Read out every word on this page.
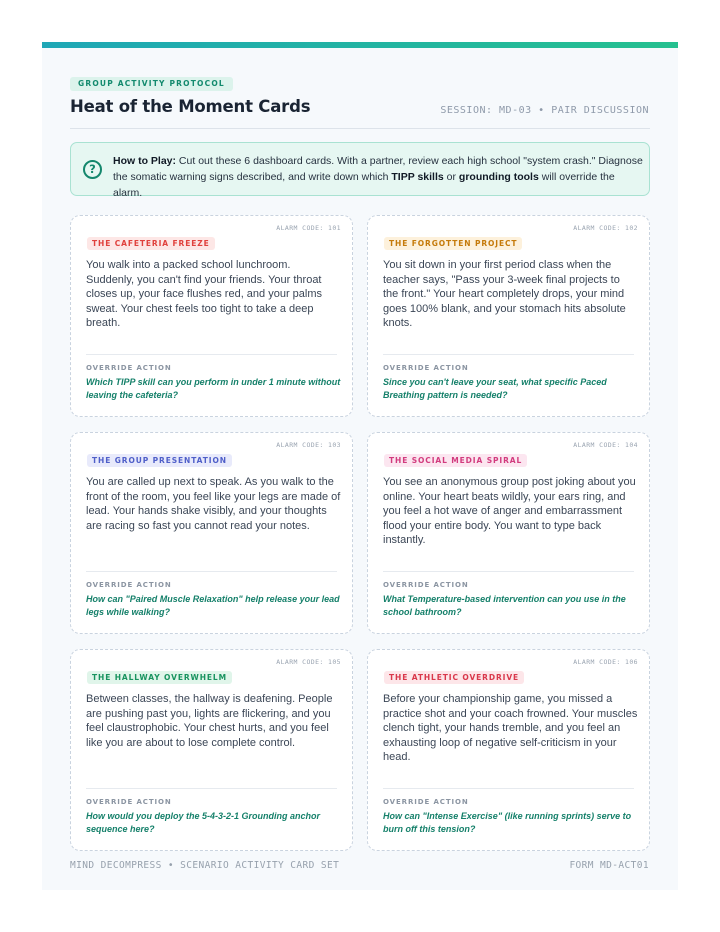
GROUP ACTIVITY PROTOCOL
Heat of the Moment Cards	SESSION: MD-03 • PAIR DISCUSSION
?
How to Play: Cut out these 6 dashboard cards. With a partner, review each high school "system crash." Diagnose the somatic warning signs described, and write down which TIPP skills or grounding tools will override the alarm.
ALARM CODE: 101
THE CAFETERIA FREEZE
You walk into a packed school lunchroom. Suddenly, you can't find your friends. Your throat closes up, your face flushes red, and your palms sweat. Your chest feels too tight to take a deep breath.
OVERRIDE ACTION
Which TIPP skill can you perform in under 1 minute without leaving the cafeteria?
ALARM CODE: 102
THE FORGOTTEN PROJECT
You sit down in your first period class when the teacher says, "Pass your 3-week final projects to the front." Your heart completely drops, your mind goes 100% blank, and your stomach hits absolute knots.
OVERRIDE ACTION
Since you can't leave your seat, what specific Paced Breathing pattern is needed?
ALARM CODE: 103
THE GROUP PRESENTATION
You are called up next to speak. As you walk to the front of the room, you feel like your legs are made of lead. Your hands shake visibly, and your thoughts are racing so fast you cannot read your notes.
OVERRIDE ACTION
How can "Paired Muscle Relaxation" help release your lead legs while walking?
ALARM CODE: 104
THE SOCIAL MEDIA SPIRAL
You see an anonymous group post joking about you online. Your heart beats wildly, your ears ring, and you feel a hot wave of anger and embarrassment flood your entire body. You want to type back instantly.
OVERRIDE ACTION
What Temperature-based intervention can you use in the school bathroom?
ALARM CODE: 105
THE HALLWAY OVERWHELM
Between classes, the hallway is deafening. People are pushing past you, lights are flickering, and you feel claustrophobic. Your chest hurts, and you feel like you are about to lose complete control.
OVERRIDE ACTION
How would you deploy the 5-4-3-2-1 Grounding anchor sequence here?
ALARM CODE: 106
THE ATHLETIC OVERDRIVE
Before your championship game, you missed a practice shot and your coach frowned. Your muscles clench tight, your hands tremble, and you feel an exhausting loop of negative self-criticism in your head.
OVERRIDE ACTION
How can "Intense Exercise" (like running sprints) serve to burn off this tension?
MIND DECOMPRESS • SCENARIO ACTIVITY CARD SET	FORM MD-ACT01
